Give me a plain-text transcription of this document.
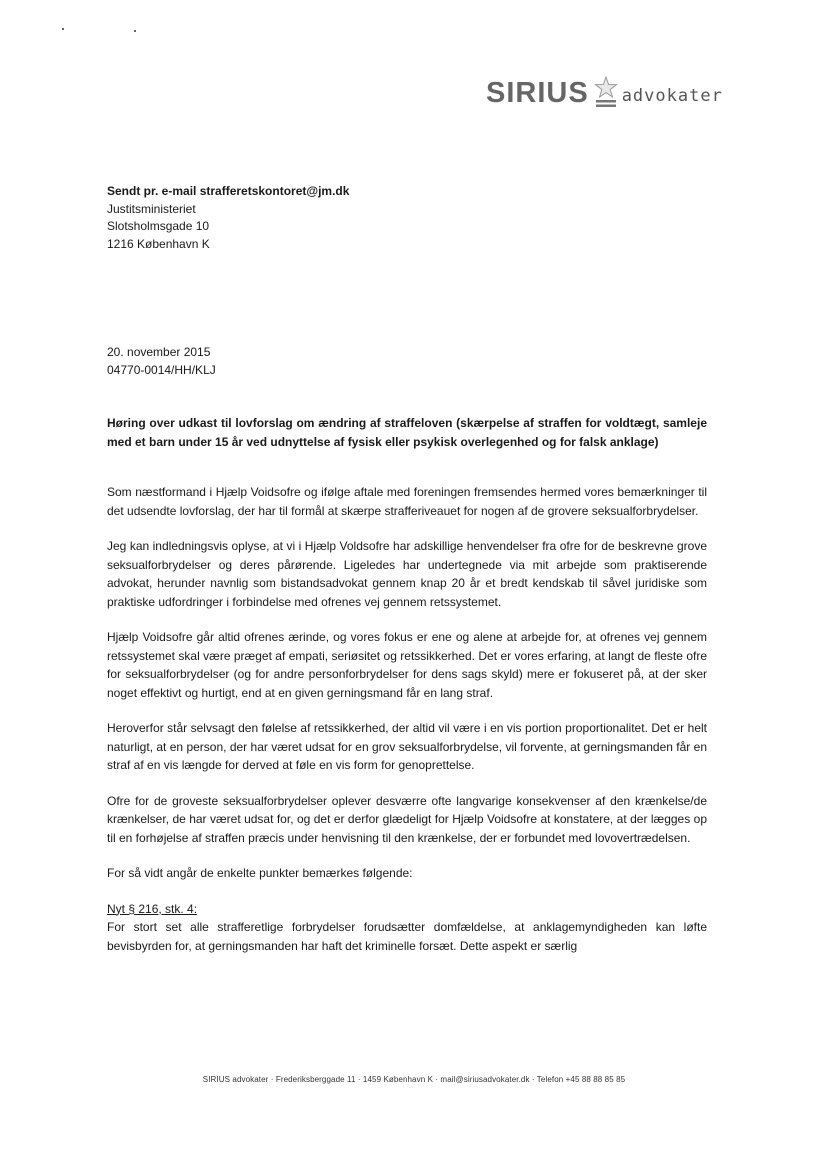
SIRIUS advokater
Sendt pr. e-mail strafferetskontoret@jm.dk
Justitsministeriet
Slotsholmsgade 10
1216 København K
20. november 2015
04770-0014/HH/KLJ
Høring over udkast til lovforslag om ændring af straffeloven (skærpelse af straffen for voldtægt, samleje med et barn under 15 år ved udnyttelse af fysisk eller psykisk overlegenhed og for falsk anklage)

Som næstformand i Hjælp Voidsofre og ifølge aftale med foreningen fremsendes hermed vores bemærkninger til det udsendte lovforslag, der har til formål at skærpe strafferiveauet for nogen af de grovere seksualforbrydelser.

Jeg kan indledningsvis oplyse, at vi i Hjælp Voldsofre har adskillige henvendelser fra ofre for de beskrevne grove seksualforbrydelser og deres pårørende. Ligeledes har undertegnede via mit arbejde som praktiserende advokat, herunder navnlig som bistandsadvokat gennem knap 20 år et bredt kendskab til såvel juridiske som praktiske udfordringer i forbindelse med ofrenes vej gennem retssystemet.

Hjælp Voidsofre går altid ofrenes ærinde, og vores fokus er ene og alene at arbejde for, at ofrenes vej gennem retssystemet skal være præget af empati, seriøsitet og retssikkerhed. Det er vores erfaring, at langt de fleste ofre for seksualforbrydelser (og for andre personforbrydelser for dens sags skyld) mere er fokuseret på, at der sker noget effektivt og hurtigt, end at en given gerningsmand får en lang straf.

Heroverfor står selvsagt den følelse af retssikkerhed, der altid vil være i en vis portion proportionalitet. Det er helt naturligt, at en person, der har været udsat for en grov seksualforbrydelse, vil forvente, at gerningsmanden får en straf af en vis længde for derved at føle en vis form for genoprettelse.

Ofre for de groveste seksualforbrydelser oplever desværre ofte langvarige konsekvenser af den krænkelse/de krænkelser, de har været udsat for, og det er derfor glædeligt for Hjælp Voidsofre at konstatere, at der lægges op til en forhøjelse af straffen præcis under henvisning til den krænkelse, der er forbundet med lovovertrædelsen.

For så vidt angår de enkelte punkter bemærkes følgende:

Nyt § 216, stk. 4:

For stort set alle strafferetlige forbrydelser forudsætter domfældelse, at anklagemyndigheden kan løfte bevisbyrden for, at gerningsmanden har haft det kriminelle forsæt. Dette aspekt er særlig

SIRIUS advokater · Frederiksberggade 11 · 1459 København K · mail@siriusadvokater.dk · Telefon +45 88 88 85 85
